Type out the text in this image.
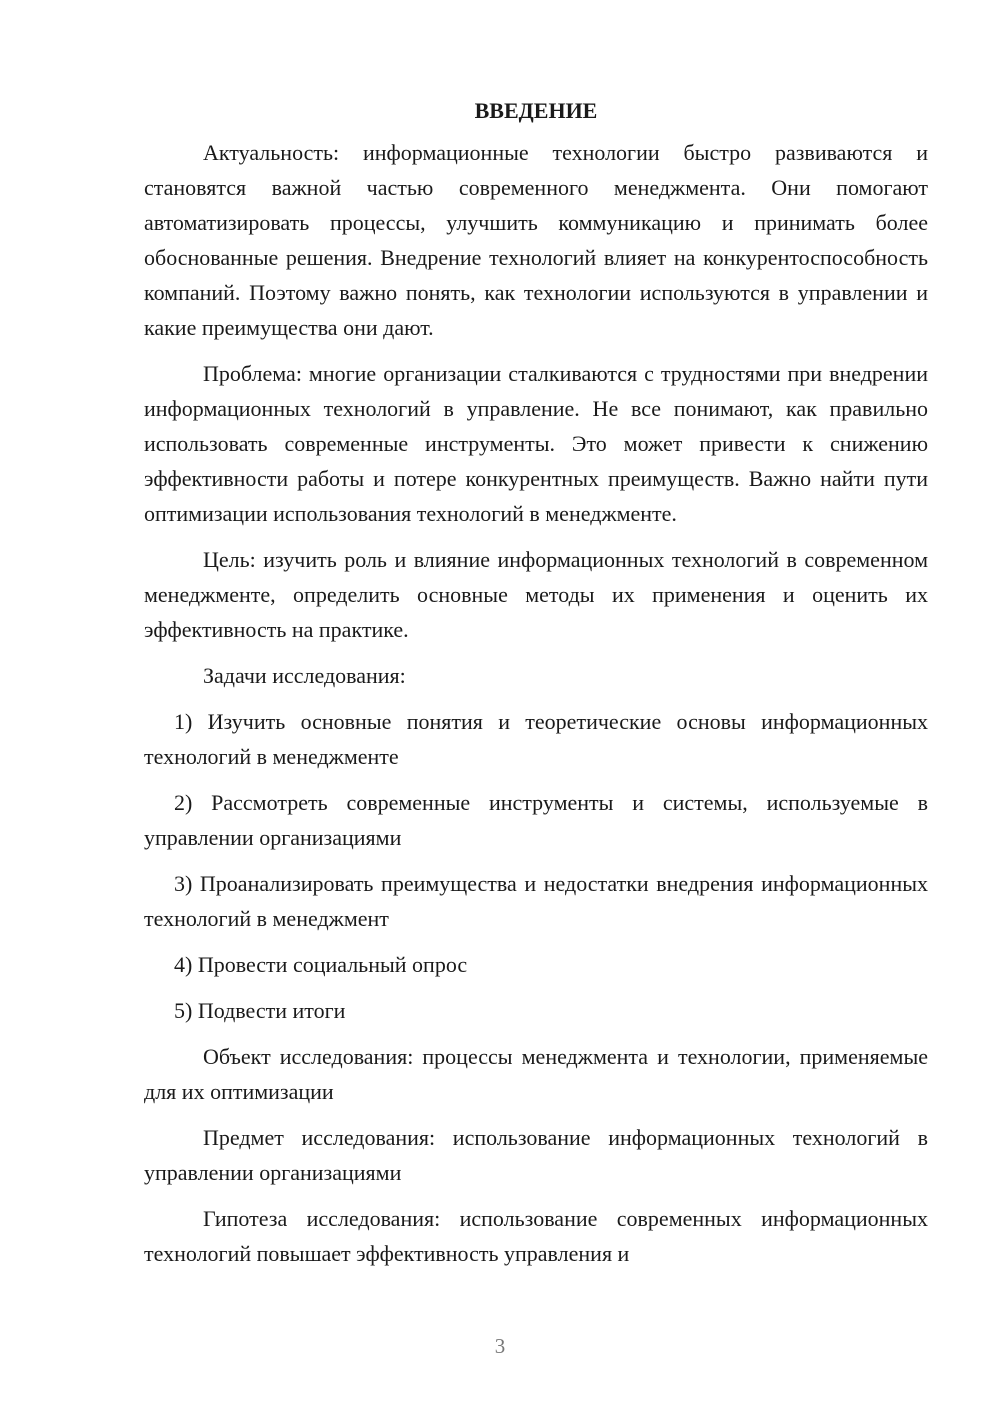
ВВЕДЕНИЕ

Актуальность: информационные технологии быстро развиваются и становятся важной частью современного менеджмента. Они помогают автоматизировать процессы, улучшить коммуникацию и принимать более обоснованные решения. Внедрение технологий влияет на конкурентоспособность компаний. Поэтому важно понять, как технологии используются в управлении и какие преимущества они дают.

Проблема: многие организации сталкиваются с трудностями при внедрении информационных технологий в управление. Не все понимают, как правильно использовать современные инструменты. Это может привести к снижению эффективности работы и потере конкурентных преимуществ. Важно найти пути оптимизации использования технологий в менеджменте.

Цель: изучить роль и влияние информационных технологий в современном менеджменте, определить основные методы их применения и оценить их эффективность на практике.

Задачи исследования:

1) Изучить основные понятия и теоретические основы информационных технологий в менеджменте

2) Рассмотреть современные инструменты и системы, используемые в управлении организациями

3) Проанализировать преимущества и недостатки внедрения информационных технологий в менеджмент

4) Провести социальный опрос

5) Подвести итоги

Объект исследования: процессы менеджмента и технологии, применяемые для их оптимизации

Предмет исследования: использование информационных технологий в управлении организациями

Гипотеза исследования: использование современных информационных технологий повышает эффективность управления и

3
